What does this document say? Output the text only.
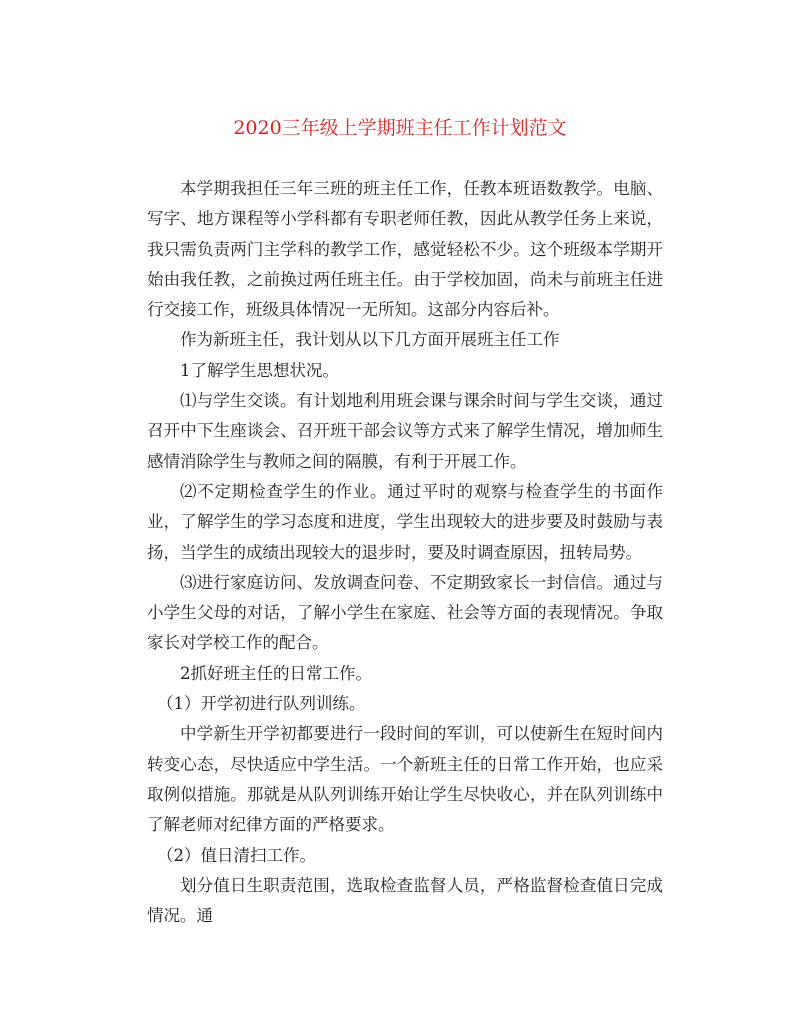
2020三年级上学期班主任工作计划范文

本学期我担任三年三班的班主任工作，任教本班语数教学。电脑、写字、地方课程等小学科都有专职老师任教，因此从教学任务上来说，我只需负责两门主学科的教学工作，感觉轻松不少。这个班级本学期开始由我任教，之前换过两任班主任。由于学校加固，尚未与前班主任进行交接工作，班级具体情况一无所知。这部分内容后补。

作为新班主任，我计划从以下几方面开展班主任工作

1了解学生思想状况。

⑴与学生交谈。有计划地利用班会课与课余时间与学生交谈，通过召开中下生座谈会、召开班干部会议等方式来了解学生情况，增加师生感情消除学生与教师之间的隔膜，有利于开展工作。

⑵不定期检查学生的作业。通过平时的观察与检查学生的书面作业，了解学生的学习态度和进度，学生出现较大的进步要及时鼓励与表扬，当学生的成绩出现较大的退步时，要及时调查原因，扭转局势。

⑶进行家庭访问、发放调查问卷、不定期致家长一封信信。通过与小学生父母的对话，了解小学生在家庭、社会等方面的表现情况。争取家长对学校工作的配合。

2抓好班主任的日常工作。

（1）开学初进行队列训练。

中学新生开学初都要进行一段时间的军训，可以使新生在短时间内转变心态，尽快适应中学生活。一个新班主任的日常工作开始，也应采取例似措施。那就是从队列训练开始让学生尽快收心，并在队列训练中了解老师对纪律方面的严格要求。

（2）值日清扫工作。

划分值日生职责范围，选取检查监督人员，严格监督检查值日完成情况。通
